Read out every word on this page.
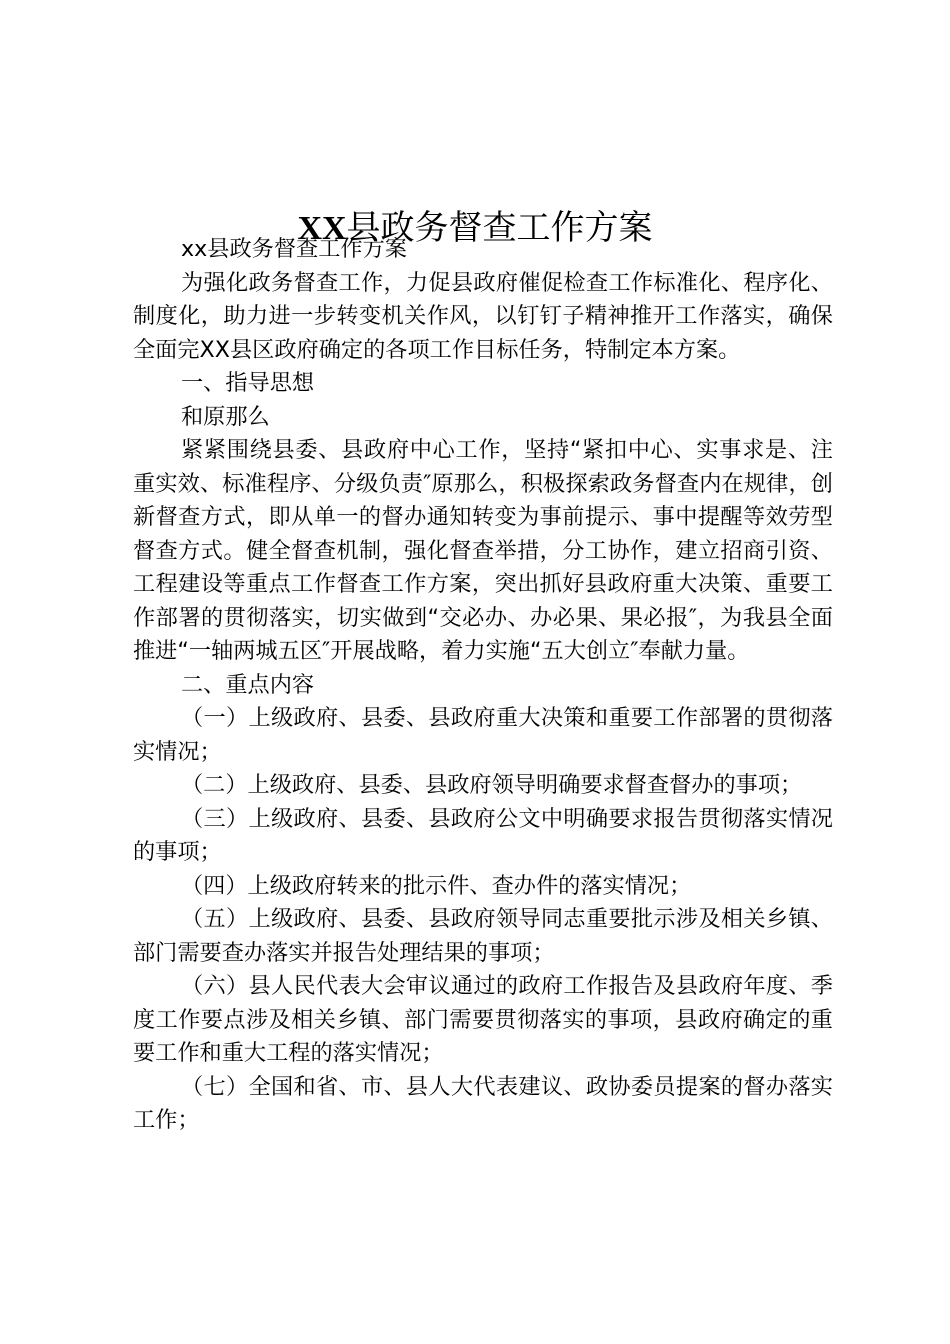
XX县政务督查工作方案

xx县政务督查工作方案

为强化政务督查工作，力促县政府催促检查工作标准化、程序化、制度化，助力进一步转变机关作风，以钉钉子精神推开工作落实，确保全面完XX县区政府确定的各项工作目标任务，特制定本方案。

一、指导思想

和原那么

紧紧围绕县委、县政府中心工作，坚持“紧扣中心、实事求是、注重实效、标准程序、分级负责″原那么，积极探索政务督查内在规律，创新督查方式，即从单一的督办通知转变为事前提示、事中提醒等效劳型督查方式。健全督查机制，强化督查举措，分工协作，建立招商引资、工程建设等重点工作督查工作方案，突出抓好县政府重大决策、重要工作部署的贯彻落实，切实做到“交必办、办必果、果必报″，为我县全面推进“一轴两城五区″开展战略，着力实施“五大创立″奉献力量。

二、重点内容

（一）上级政府、县委、县政府重大决策和重要工作部署的贯彻落实情况；

（二）上级政府、县委、县政府领导明确要求督查督办的事项；

（三）上级政府、县委、县政府公文中明确要求报告贯彻落实情况的事项；

（四）上级政府转来的批示件、查办件的落实情况；

（五）上级政府、县委、县政府领导同志重要批示涉及相关乡镇、部门需要查办落实并报告处理结果的事项；

（六）县人民代表大会审议通过的政府工作报告及县政府年度、季度工作要点涉及相关乡镇、部门需要贯彻落实的事项，县政府确定的重要工作和重大工程的落实情况；

（七）全国和省、市、县人大代表建议、政协委员提案的督办落实工作；
